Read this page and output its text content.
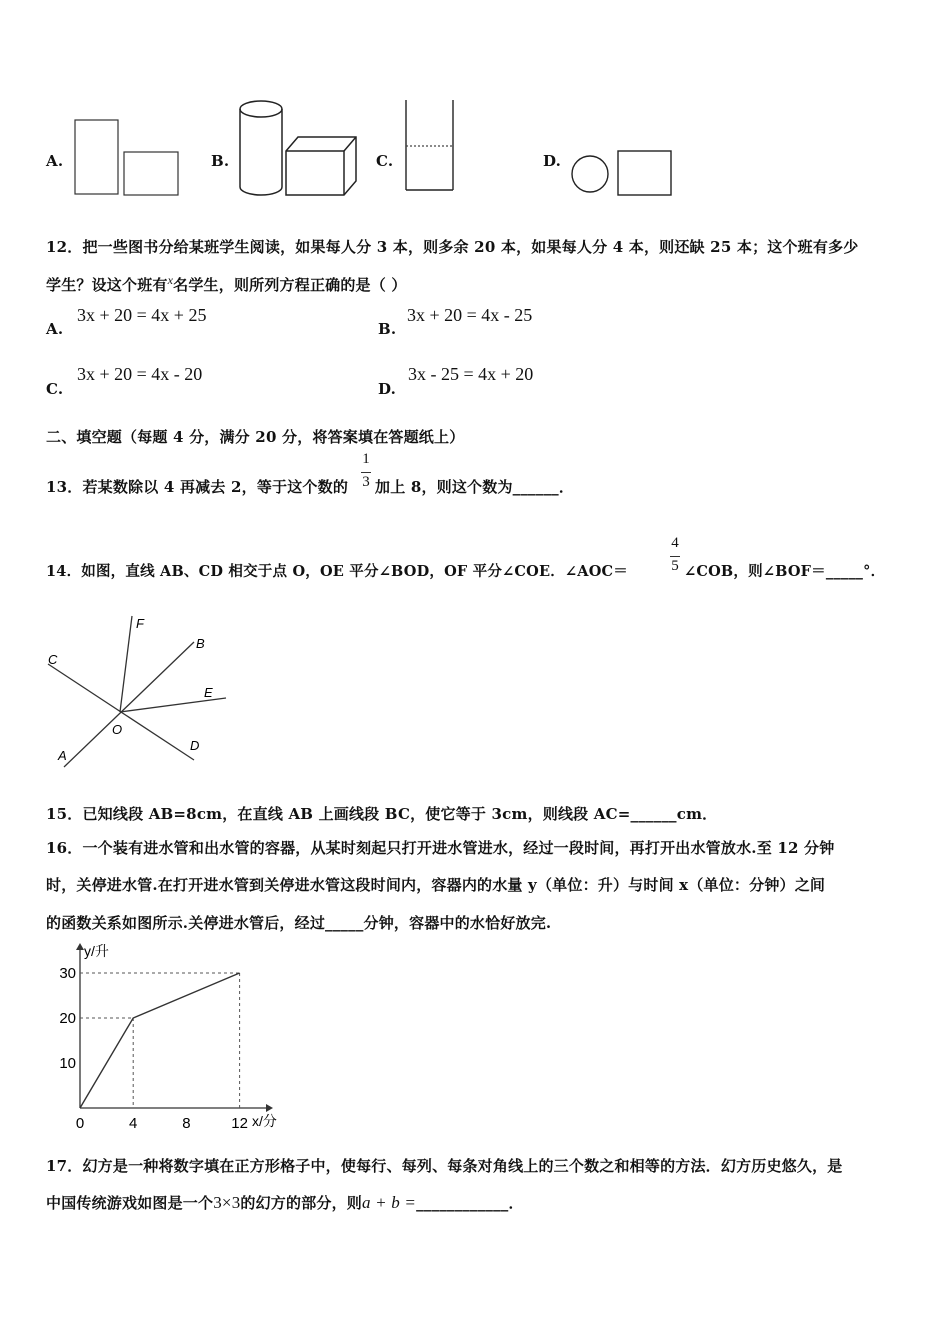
A.	B.	C.	D.
12．把一些图书分给某班学生阅读，如果每人分 3 本，则多余 20 本，如果每人分 4 本，则还缺 25 本；这个班有多少
学生？设这个班有$^x$名学生，则所列方程正确的是（ ）
A.
3x + 20 = 4x + 25
B.
3x + 20 = 4x - 25
C.
3x + 20 = 4x - 20
D.
3x - 25 = 4x + 20
二、填空题（每题 4 分，满分 20 分，将答案填在答题纸上）
13．若某数除以 4 再减去 2，等于这个数的
1
3 加上 8，则这个数为______．
14．如图，直线 AB、CD 相交于点 O，OE 平分∠BOD，OF 平分∠COE．∠AOC＝
4
5 ∠COB，则∠BOF＝_____°．
F
B
C
E
O
A
D
15．已知线段 AB=8cm，在直线 AB 上画线段 BC，使它等于 3cm，则线段 AC=______cm．
16．一个装有进水管和出水管的容器，从某时刻起只打开进水管进水，经过一段时间，再打开出水管放水.至 12 分钟
时，关停进水管.在打开进水管到关停进水管这段时间内，容器内的水量 y（单位：升）与时间 x（单位：分钟）之间
的函数关系如图所示.关停进水管后，经过_____分钟，容器中的水恰好放完.
y/升
x/分
0	4	8	12
10
20
30
17．幻方是一种将数字填在正方形格子中，使每行、每列、每条对角线上的三个数之和相等的方法．幻方历史悠久，是
中国传统游戏如图是一个3×3的幻方的部分，则a + b =____________．
